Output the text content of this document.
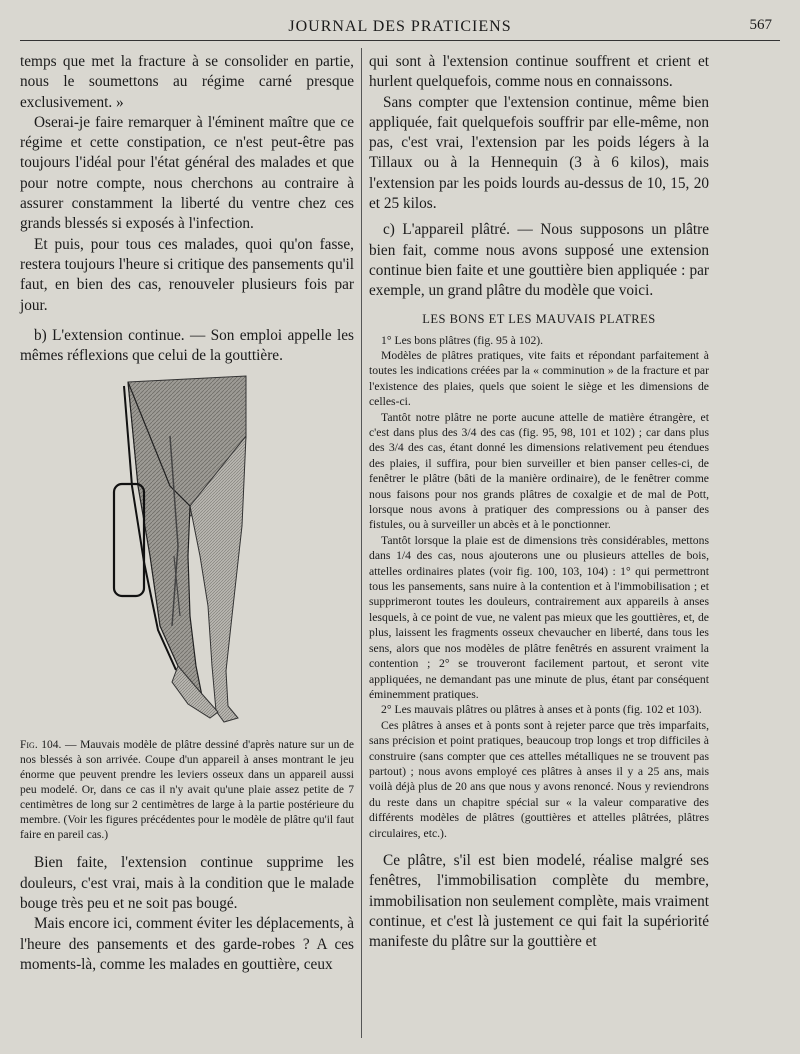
JOURNAL DES PRATICIENS	567

temps que met la fracture à se consolider en partie, nous le soumettons au régime carné presque exclusivement. »

Oserai-je faire remarquer à l'éminent maître que ce régime et cette constipation, ce n'est peut-être pas toujours l'idéal pour l'état général des malades et que pour notre compte, nous cherchons au contraire à assurer constamment la liberté du ventre chez ces grands blessés si exposés à l'infection.

Et puis, pour tous ces malades, quoi qu'on fasse, restera toujours l'heure si critique des pansements qu'il faut, en bien des cas, renouveler plusieurs fois par jour.

b) L'extension continue. — Son emploi appelle les mêmes réflexions que celui de la gouttière.

Fig. 104. — Mauvais modèle de plâtre dessiné d'après nature sur un de nos blessés à son arrivée. Coupe d'un appareil à anses montrant le jeu énorme que peuvent prendre les leviers osseux dans un appareil aussi peu modelé. Or, dans ce cas il n'y avait qu'une plaie assez petite de 7 centimètres de long sur 2 centimètres de large à la partie postérieure du membre. (Voir les figures précédentes pour le modèle de plâtre qu'il faut faire en pareil cas.)

Bien faite, l'extension continue supprime les douleurs, c'est vrai, mais à la condition que le malade bouge très peu et ne soit pas bougé.

Mais encore ici, comment éviter les déplacements, à l'heure des pansements et des garde-robes ? A ces moments-là, comme les malades en gouttière, ceux

qui sont à l'extension continue souffrent et crient et hurlent quelquefois, comme nous en connaissons.

Sans compter que l'extension continue, même bien appliquée, fait quelquefois souffrir par elle-même, non pas, c'est vrai, l'extension par les poids légers à la Tillaux ou à la Hennequin (3 à 6 kilos), mais l'extension par les poids lourds au-dessus de 10, 15, 20 et 25 kilos.

c) L'appareil plâtré. — Nous supposons un plâtre bien fait, comme nous avons supposé une extension continue bien faite et une gouttière bien appliquée : par exemple, un grand plâtre du modèle que voici.

LES BONS ET LES MAUVAIS PLATRES

1° Les bons plâtres (fig. 95 à 102).

Modèles de plâtres pratiques, vite faits et répondant parfaitement à toutes les indications créées par la « comminution » de la fracture et par l'existence des plaies, quels que soient le siège et les dimensions de celles-ci.

Tantôt notre plâtre ne porte aucune attelle de matière étrangère, et c'est dans plus des 3/4 des cas (fig. 95, 98, 101 et 102) ; car dans plus des 3/4 des cas, étant donné les dimensions relativement peu étendues des plaies, il suffira, pour bien surveiller et bien panser celles-ci, de fenêtrer le plâtre (bâti de la manière ordinaire), de le fenêtrer comme nous faisons pour nos grands plâtres de coxalgie et de mal de Pott, lorsque nous avons à pratiquer des compressions ou à panser des fistules, ou à surveiller un abcès et à le ponctionner.

Tantôt lorsque la plaie est de dimensions très considérables, mettons dans 1/4 des cas, nous ajouterons une ou plusieurs attelles de bois, attelles ordinaires plates (voir fig. 100, 103, 104) : 1° qui permettront tous les pansements, sans nuire à la contention et à l'immobilisation ; et supprimeront toutes les douleurs, contrairement aux appareils à anses lesquels, à ce point de vue, ne valent pas mieux que les gouttières, et, de plus, laissent les fragments osseux chevaucher en liberté, dans tous les sens, alors que nos modèles de plâtre fenêtrés en assurent vraiment la contention ; 2° se trouveront facilement partout, et seront vite appliquées, ne demandant pas une minute de plus, étant par conséquent éminemment pratiques.

2° Les mauvais plâtres ou plâtres à anses et à ponts (fig. 102 et 103).

Ces plâtres à anses et à ponts sont à rejeter parce que très imparfaits, sans précision et point pratiques, beaucoup trop longs et trop difficiles à construire (sans compter que ces attelles métalliques ne se trouvent pas partout) ; nous avons employé ces plâtres à anses il y a 25 ans, mais voilà déjà plus de 20 ans que nous y avons renoncé. Nous y reviendrons du reste dans un chapitre spécial sur « la valeur comparative des différents modèles de plâtres (gouttières et attelles plâtrées, plâtres circulaires, etc.).

Ce plâtre, s'il est bien modelé, réalise malgré ses fenêtres, l'immobilisation complète du membre, immobilisation non seulement complète, mais vraiment continue, et c'est là justement ce qui fait la supériorité manifeste du plâtre sur la gouttière et
